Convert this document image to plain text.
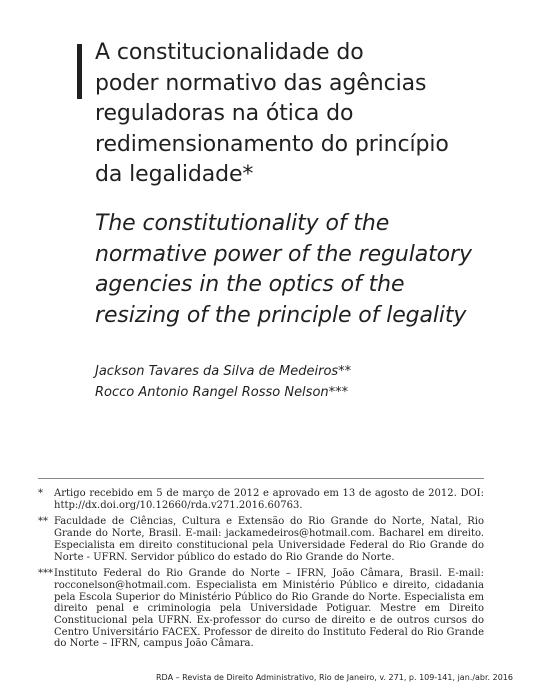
A constitucionalidade do
poder normativo das agências
reguladoras na ótica do
redimensionamento do princípio
da legalidade*
The constitutionality of the
normative power of the regulatory
agencies in the optics of the
resizing of the principle of legality
Jackson Tavares da Silva de Medeiros**
Rocco Antonio Rangel Rosso Nelson***
* Artigo recebido em 5 de março de 2012 e aprovado em 13 de agosto de 2012. DOI: http://dx.doi.org/10.12660/rda.v271.2016.60763.
** Faculdade de Ciências, Cultura e Extensão do Rio Grande do Norte, Natal, Rio Grande do Norte, Brasil. E-mail: jackamedeiros@hotmail.com. Bacharel em direito. Especialista em direito constitucional pela Universidade Federal do Rio Grande do Norte - UFRN. Servidor público do estado do Rio Grande do Norte.
*** Instituto Federal do Rio Grande do Norte – IFRN, João Câmara, Brasil. E-mail: rocconelson@hotmail.com. Especialista em Ministério Público e direito, cidadania pela Escola Superior do Ministério Público do Rio Grande do Norte. Especialista em direito penal e criminologia pela Universidade Potiguar. Mestre em Direito Constitucional pela UFRN. Ex-professor do curso de direito e de outros cursos do Centro Universitário FACEX. Professor de direito do Instituto Federal do Rio Grande do Norte – IFRN, campus João Câmara.
RDA – Revista de Direito Administrativo, Rio de Janeiro, v. 271, p. 109-141, jan./abr. 2016
